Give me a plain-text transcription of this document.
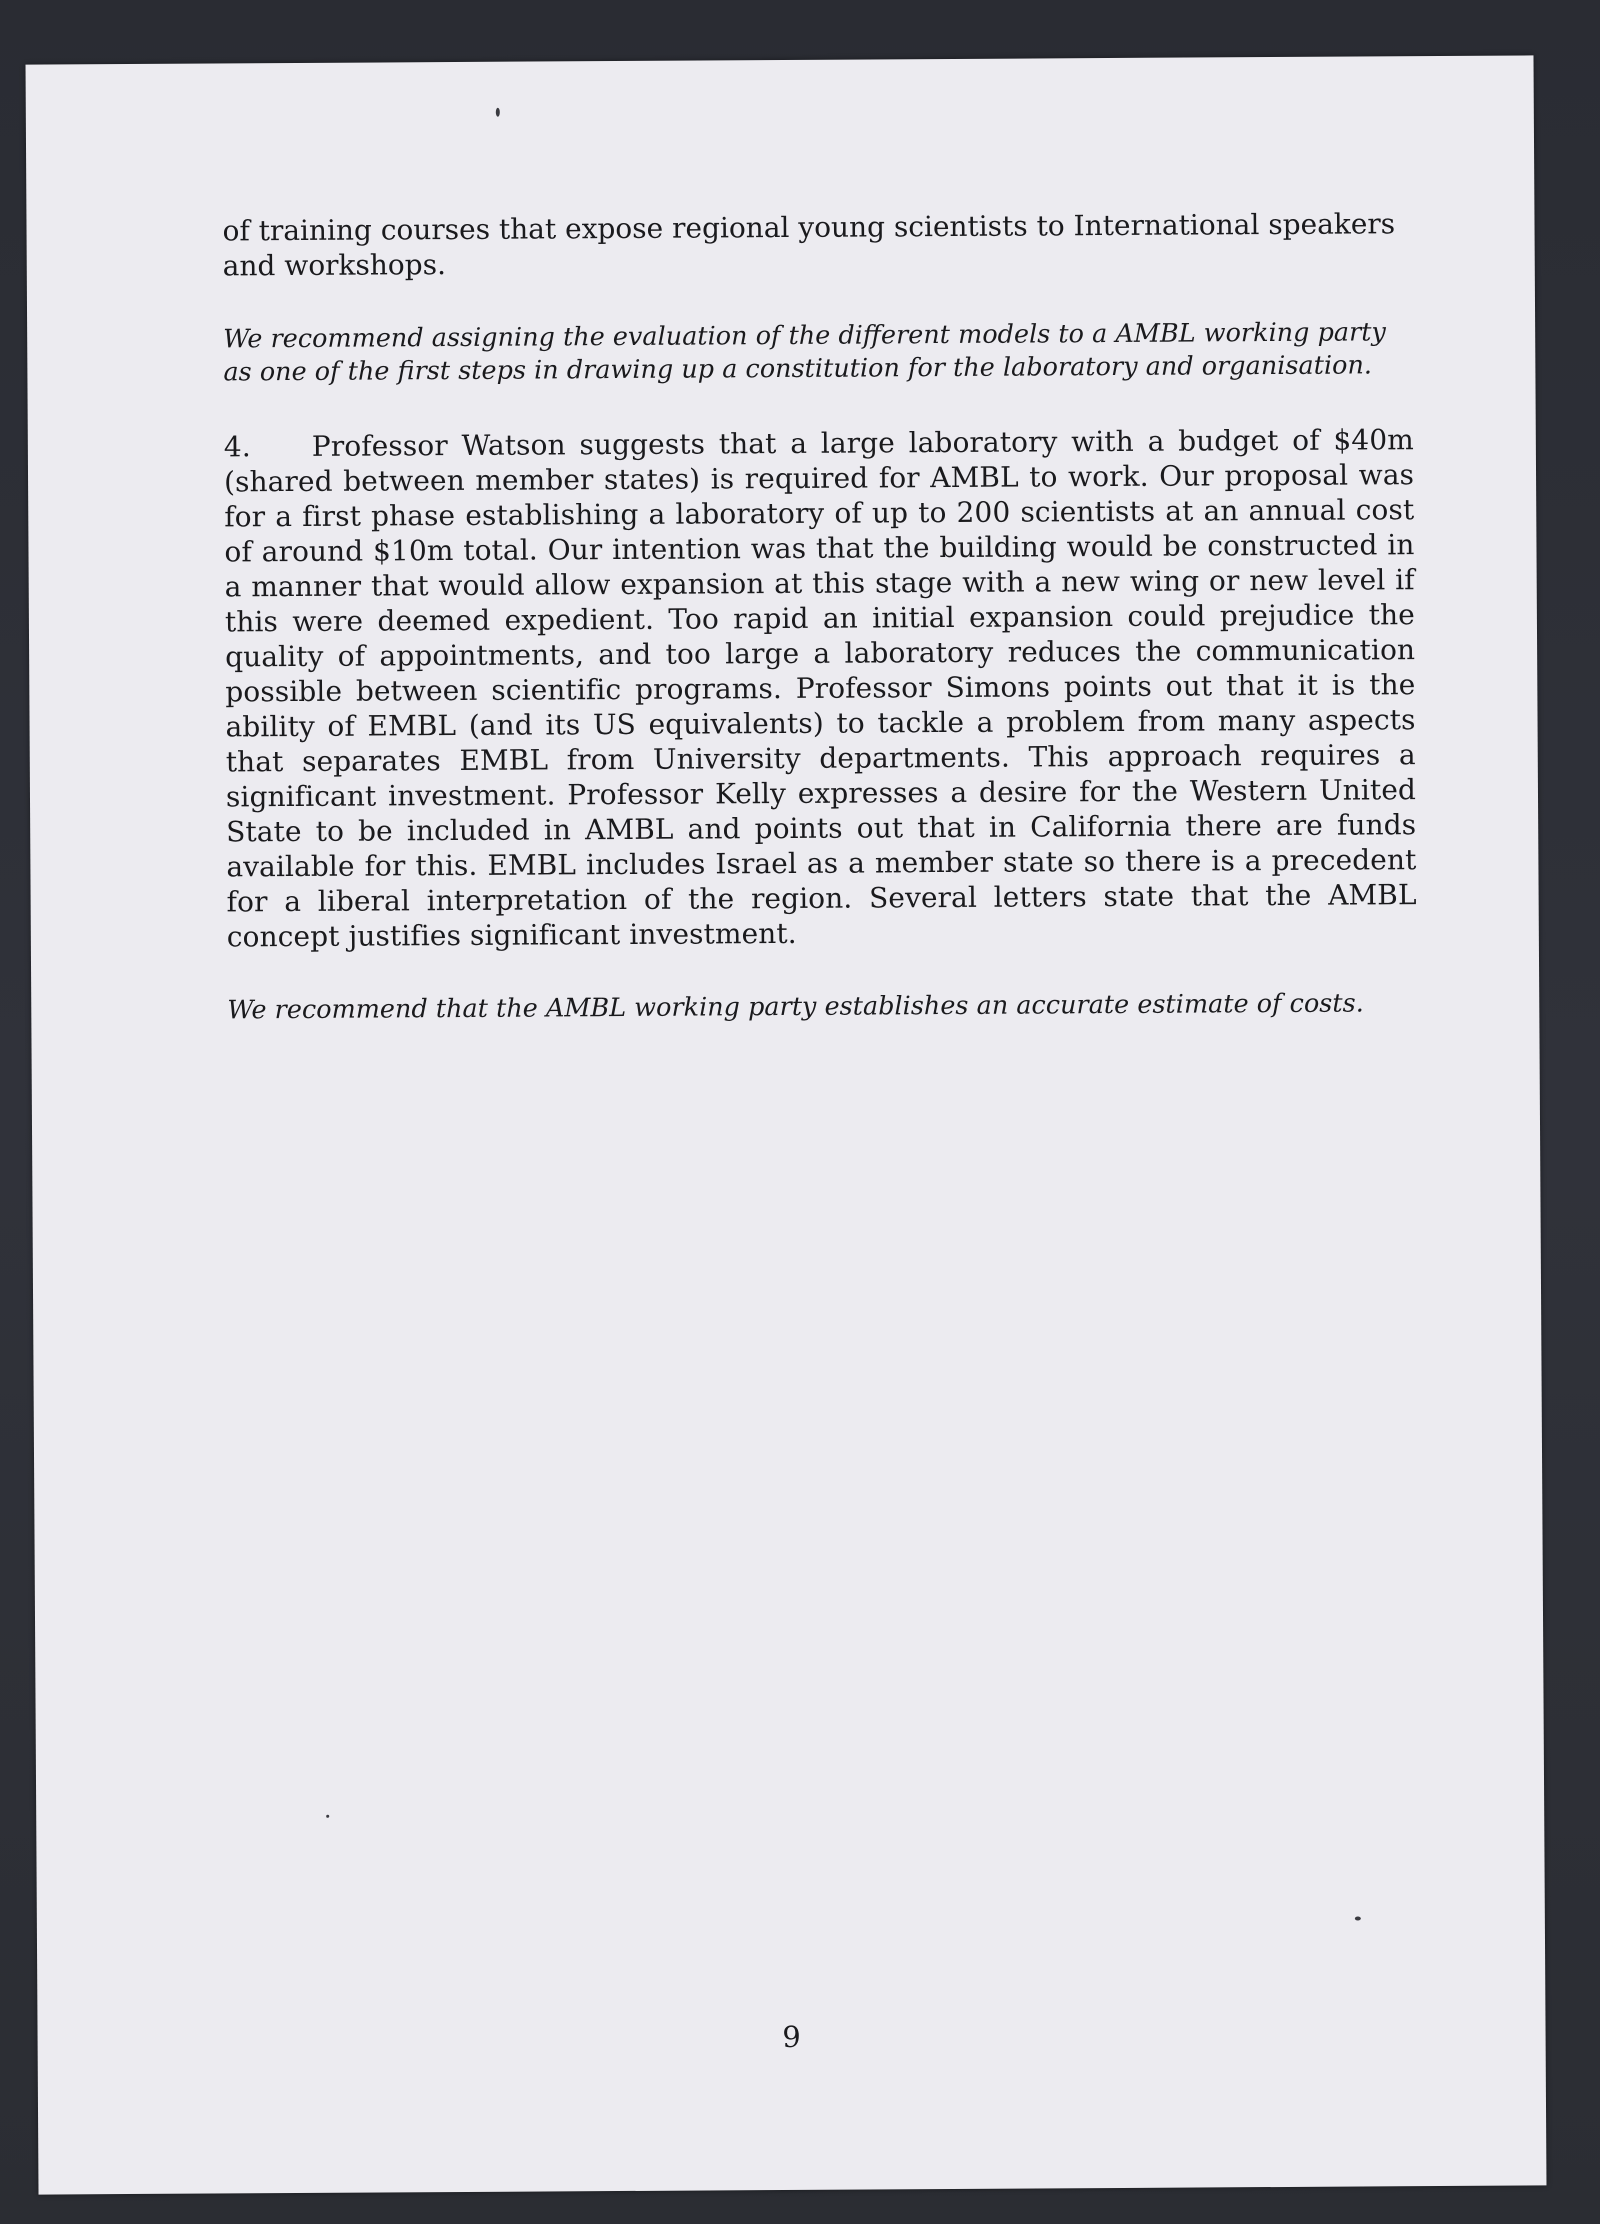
of training courses that expose regional young scientists to International speakers and workshops.

We recommend assigning the evaluation of the different models to a AMBL working party as one of the first steps in drawing up a constitution for the laboratory and organisation.

4. Professor Watson suggests that a large laboratory with a budget of $40m (shared between member states) is required for AMBL to work. Our proposal was for a first phase establishing a laboratory of up to 200 scientists at an annual cost of around $10m total. Our intention was that the building would be constructed in a manner that would allow expansion at this stage with a new wing or new level if this were deemed expedient. Too rapid an initial expansion could prejudice the quality of appointments, and too large a laboratory reduces the communication possible between scientific programs. Professor Simons points out that it is the ability of EMBL (and its US equivalents) to tackle a problem from many aspects that separates EMBL from University departments. This approach requires a significant investment. Professor Kelly expresses a desire for the Western United State to be included in AMBL and points out that in California there are funds available for this. EMBL includes Israel as a member state so there is a precedent for a liberal interpretation of the region. Several letters state that the AMBL concept justifies significant investment.

We recommend that the AMBL working party establishes an accurate estimate of costs.

9
